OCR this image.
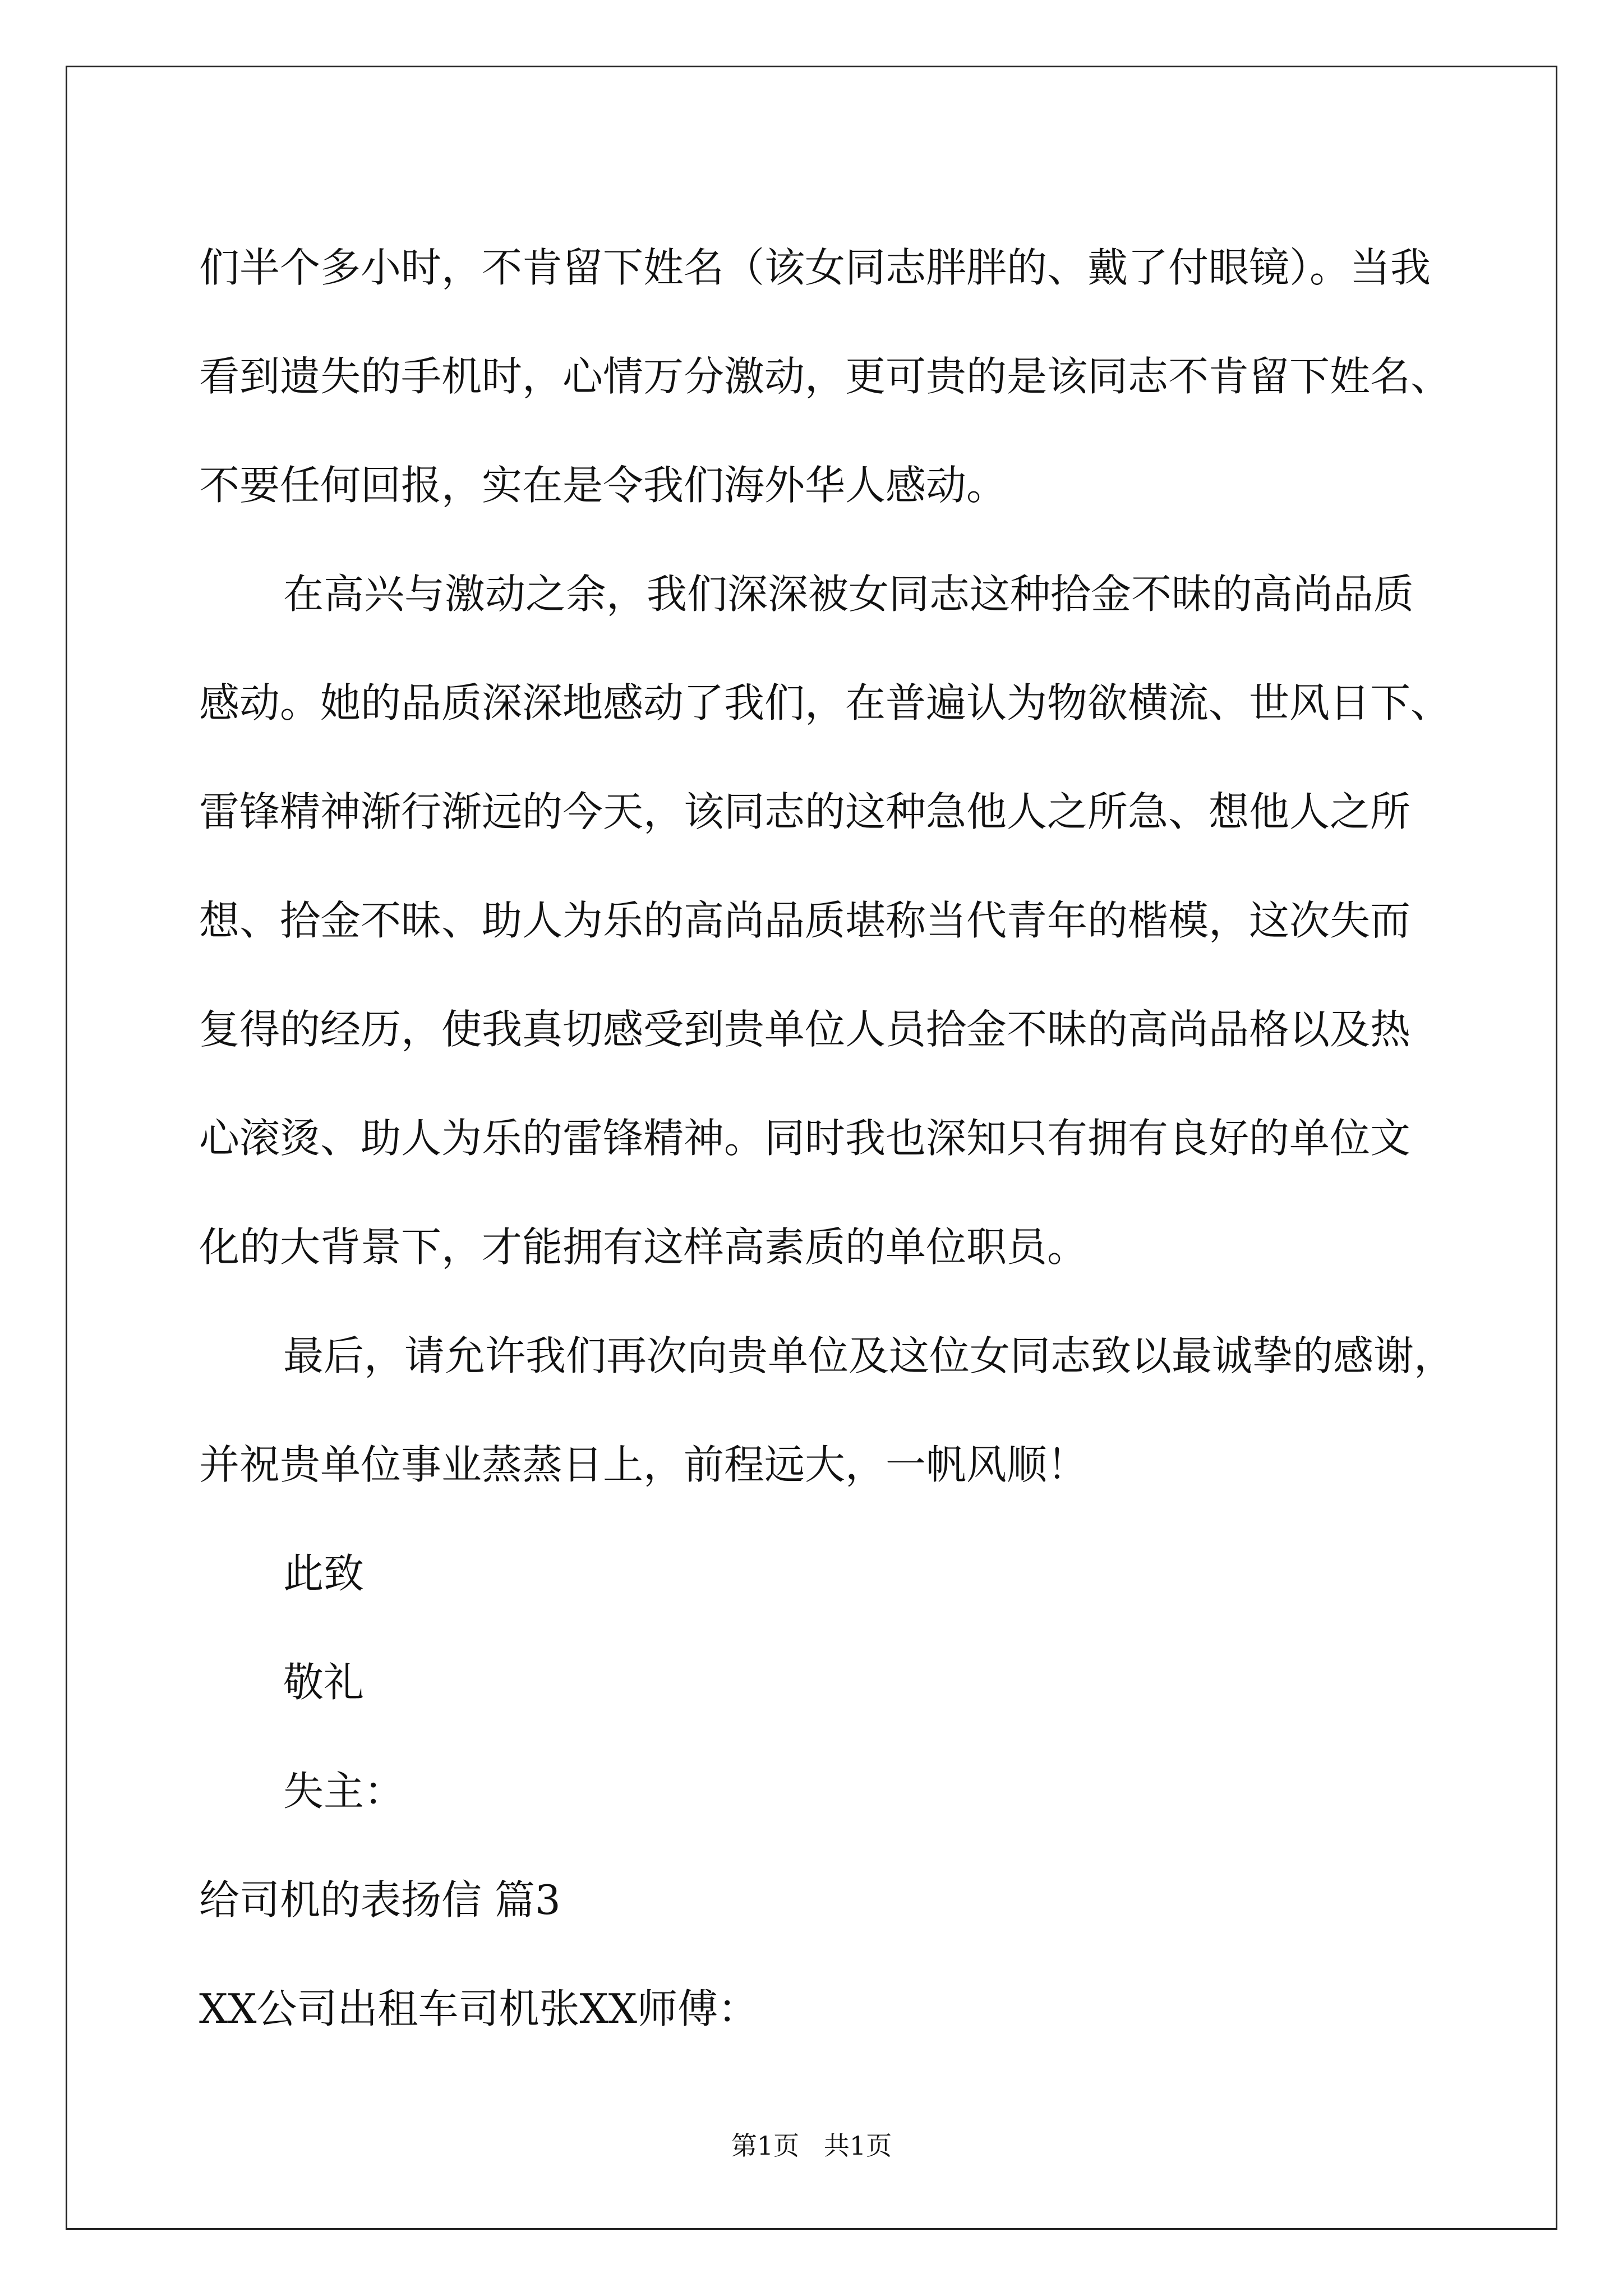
们半个多小时，不肯留下姓名（该女同志胖胖的、戴了付眼镜）。当我
看到遗失的手机时，心情万分激动，更可贵的是该同志不肯留下姓名、
不要任何回报，实在是令我们海外华人感动。
在高兴与激动之余，我们深深被女同志这种拾金不昧的高尚品质
感动。她的品质深深地感动了我们，在普遍认为物欲横流、世风日下、
雷锋精神渐行渐远的今天，该同志的这种急他人之所急、想他人之所
想、拾金不昧、助人为乐的高尚品质堪称当代青年的楷模，这次失而
复得的经历，使我真切感受到贵单位人员拾金不昧的高尚品格以及热
心滚烫、助人为乐的雷锋精神。同时我也深知只有拥有良好的单位文
化的大背景下，才能拥有这样高素质的单位职员。
最后，请允许我们再次向贵单位及这位女同志致以最诚挚的感谢，
并祝贵单位事业蒸蒸日上，前程远大，一帆风顺！
此致
敬礼
失主：
给司机的表扬信 篇3
XX公司出租车司机张XX师傅：
第1页   共1页
